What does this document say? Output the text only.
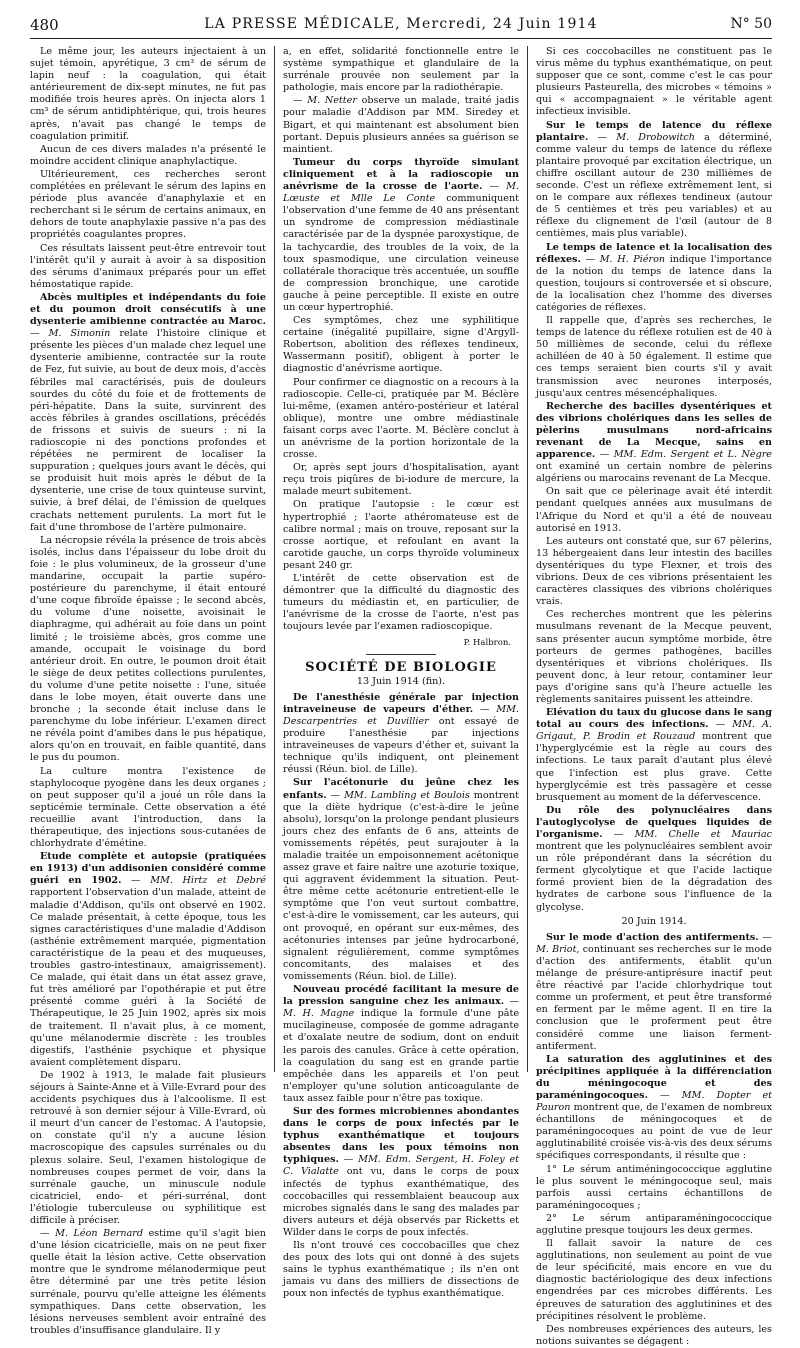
480	LA PRESSE MÉDICALE, Mercredi, 24 Juin 1914	N° 50

Le même jour, les auteurs injectaient à un sujet témoin, apyrétique, 3 cm³ de sérum de lapin neuf : la coagulation, qui était antérieurement de dix-sept minutes, ne fut pas modifiée trois heures après. On injecta alors 1 cm³ de sérum antidiphtérique, qui, trois heures après, n'avait pas changé le temps de coagulation primitif.

Aucun de ces divers malades n'a présenté le moindre accident clinique anaphylactique.

Ultérieurement, ces recherches seront complétées en prélevant le sérum des lapins en période plus avancée d'anaphylaxie et en recherchant si le sérum de certains animaux, en dehors de toute anaphylaxie passive n'a pas des propriétés coagulantes propres.

Ces résultats laissent peut-être entrevoir tout l'intérêt qu'il y aurait à avoir à sa disposition des sérums d'animaux préparés pour un effet hémostatique rapide.

Abcès multiples et indépendants du foie et du poumon droit consécutifs à une dysenterie amibienne contractée au Maroc. — M. Simonin relate l'histoire clinique et présente les pièces d'un malade chez lequel une dysenterie amibienne, contractée sur la route de Fez, fut suivie, au bout de deux mois, d'accès fébriles mal caractérisés, puis de douleurs sourdes du côté du foie et de frottements de péri-hépatite. Dans la suite, survinrent des accès fébriles à grandes oscillations, précédés de frissons et suivis de sueurs : ni la radioscopie ni des ponctions profondes et répétées ne permirent de localiser la suppuration ; quelques jours avant le décès, qui se produisit huit mois après le début de la dysenterie, une crise de toux quinteuse survint, suivie, à bref délai, de l'émission de quelques crachats nettement purulents. La mort fut le fait d'une thrombose de l'artère pulmonaire.

La nécropsie révéla la présence de trois abcès isolés, inclus dans l'épaisseur du lobe droit du foie : le plus volumineux, de la grosseur d'une mandarine, occupait la partie supéro-postérieure du parenchyme, il était entouré d'une coque fibroïde épaisse ; le second abcès, du volume d'une noisette, avoisinait le diaphragme, qui adhérait au foie dans un point limité ; le troisième abcès, gros comme une amande, occupait le voisinage du bord antérieur droit. En outre, le poumon droit était le siège de deux petites collections purulentes, du volume d'une petite noisette : l'une, située dans le lobe moyen, était ouverte dans une bronche ; la seconde était incluse dans le parenchyme du lobe inférieur. L'examen direct ne révéla point d'amibes dans le pus hépatique, alors qu'on en trouvait, en faible quantité, dans le pus du poumon.

La culture montra l'existence de staphylocoque pyogène dans les deux organes ; on peut supposer qu'il a joué un rôle dans la septicémie terminale. Cette observation a été recueillie avant l'introduction, dans la thérapeutique, des injections sous-cutanées de chlorhydrate d'émétine.

Etude complète et autopsie (pratiquées en 1913) d'un addisonien considéré comme guéri en 1902. — MM. Hirtz et Debré rapportent l'observation d'un malade, atteint de maladie d'Addison, qu'ils ont observé en 1902. Ce malade présentait, à cette époque, tous les signes caractéristiques d'une maladie d'Addison (asthénie extrêmement marquée, pigmentation caractéristique de la peau et des muqueuses, troubles gastro-intestinaux, amaigrissement). Ce malade, qui était dans un état assez grave, fut très amélioré par l'opothérapie et put être présenté comme guéri à la Société de Thérapeutique, le 25 Juin 1902, après six mois de traitement. Il n'avait plus, à ce moment, qu'une mélanodermie discrète : les troubles digestifs, l'asthénie psychique et physique avaient complètement disparu.

De 1902 à 1913, le malade fait plusieurs séjours à Sainte-Anne et à Ville-Evrard pour des accidents psychiques dus à l'alcoolisme. Il est retrouvé à son dernier séjour à Ville-Evrard, où il meurt d'un cancer de l'estomac. A l'autopsie, on constate qu'il n'y a aucune lésion macroscopique des capsules surrénales ou du plexus solaire. Seul, l'examen histologique de nombreuses coupes permet de voir, dans la surrénale gauche, un minuscule nodule cicatriciel, endo- et péri-surrénal, dont l'étiologie tuberculeuse ou syphilitique est difficile à préciser.

— M. Léon Bernard estime qu'il s'agit bien d'une lésion cicatricielle, mais on ne peut fixer quelle était la lésion active. Cette observation montre que le syndrome mélanodermique peut être déterminé par une très petite lésion surrénale, pourvu qu'elle atteigne les éléments sympathiques. Dans cette observation, les lésions nerveuses semblent avoir entraîné des troubles d'insuffisance glandulaire. Il y

a, en effet, solidarité fonctionnelle entre le système sympathique et glandulaire de la surrénale prouvée non seulement par la pathologie, mais encore par la radiothérapie.

— M. Netter observe un malade, traité jadis pour maladie d'Addison par MM. Siredey et Bigart, et qui maintenant est absolument bien portant. Depuis plusieurs années sa guérison se maintient.

Tumeur du corps thyroïde simulant cliniquement et à la radioscopie un anévrisme de la crosse de l'aorte. — M. Lœuste et Mlle Le Conte communiquent l'observation d'une femme de 40 ans présentant un syndrome de compression médiastinale caractérisée par de la dyspnée paroxystique, de la tachycardie, des troubles de la voix, de la toux spasmodique, une circulation veineuse collatérale thoracique très accentuée, un souffle de compression bronchique, une carotide gauche à peine perceptible. Il existe en outre un cœur hypertrophié.

Ces symptômes, chez une syphilitique certaine (inégalité pupillaire, signe d'Argyll-Robertson, abolition des réflexes tendineux, Wassermann positif), obligent à porter le diagnostic d'anévrisme aortique.

Pour confirmer ce diagnostic on a recours à la radioscopie. Celle-ci, pratiquée par M. Béclère lui-même, (examen antéro-postérieur et latéral oblique), montre une ombre médiastinale faisant corps avec l'aorte. M. Béclère conclut à un anévrisme de la portion horizontale de la crosse.

Or, après sept jours d'hospitalisation, ayant reçu trois piqûres de bi-iodure de mercure, la malade meurt subitement.

On pratique l'autopsie : le cœur est hypertrophié ; l'aorte athéromateuse est de calibre normal ; mais on trouve, reposant sur la crosse aortique, et refoulant en avant la carotide gauche, un corps thyroïde volumineux pesant 240 gr.

L'intérêt de cette observation est de démontrer que la difficulté du diagnostic des tumeurs du médiastin et, en particulier, de l'anévrisme de la crosse de l'aorte, n'est pas toujours levée par l'examen radioscopique.

P. Halbron.

SOCIÉTÉ DE BIOLOGIE

13 Juin 1914 (fin).

De l'anesthésie générale par injection intraveineuse de vapeurs d'éther. — MM. Descarpentries et Duvillier ont essayé de produire l'anesthésie par injections intraveineuses de vapeurs d'éther et, suivant la technique qu'ils indiquent, ont pleinement réussi (Réun. biol. de Lille).

Sur l'acétonurie du jeûne chez les enfants. — MM. Lambling et Boulois montrent que la diète hydrique (c'est-à-dire le jeûne absolu), lorsqu'on la prolonge pendant plusieurs jours chez des enfants de 6 ans, atteints de vomissements répétés, peut surajouter à la maladie traitée un empoisonnement acétonique assez grave et faire naître une azoturie toxique, qui aggravent évidemment la situation. Peut-être même cette acétonurie entretient-elle le symptôme que l'on veut surtout combattre, c'est-à-dire le vomissement, car les auteurs, qui ont provoqué, en opérant sur eux-mêmes, des acétonuries intenses par jeûne hydrocarboné, signalent régulièrement, comme symptômes concomitants, des malaises et des vomissements (Réun. biol. de Lille).

Nouveau procédé facilitant la mesure de la pression sanguine chez les animaux. — M. H. Magne indique la formule d'une pâte mucilagineuse, composée de gomme adragante et d'oxalate neutre de sodium, dont on enduit les parois des canules. Grâce à cette opération, la coagulation du sang est en grande partie empêchée dans les appareils et l'on peut n'employer qu'une solution anticoagulante de taux assez faible pour n'être pas toxique.

Sur des formes microbiennes abondantes dans le corps de poux infectés par le typhus exanthématique et toujours absentes dans les poux témoins non typhiques. — MM. Edm. Sergent, H. Foley et C. Vialatte ont vu, dans le corps de poux infectés de typhus exanthématique, des coccobacilles qui ressemblaient beaucoup aux microbes signalés dans le sang des malades par divers auteurs et déjà observés par Ricketts et Wilder dans le corps de poux infectés.

Ils n'ont trouvé ces coccobacilles que chez des poux des lots qui ont donné à des sujets sains le typhus exanthématique ; ils n'en ont jamais vu dans des milliers de dissections de poux non infectés de typhus exanthématique.

Si ces coccobacilles ne constituent pas le virus même du typhus exanthématique, on peut supposer que ce sont, comme c'est le cas pour plusieurs Pasteurella, des microbes « témoins » qui « accompagnaient » le véritable agent infectieux invisible.

Sur le temps de latence du réflexe plantaire. — M. Drobowitch a déterminé, comme valeur du temps de latence du réflexe plantaire provoqué par excitation électrique, un chiffre oscillant autour de 230 millièmes de seconde. C'est un réflexe extrêmement lent, si on le compare aux réflexes tendineux (autour de 5 centièmes et très peu variables) et au réflexe du clignement de l'œil (autour de 8 centièmes, mais plus variable).

Le temps de latence et la localisation des réflexes. — M. H. Piéron indique l'importance de la notion du temps de latence dans la question, toujours si controversée et si obscure, de la localisation chez l'homme des diverses catégories de réflexes.

Il rappelle que, d'après ses recherches, le temps de latence du réflexe rotulien est de 40 à 50 millièmes de seconde, celui du réflexe achilléen de 40 à 50 également. Il estime que ces temps seraient bien courts s'il y avait transmission avec neurones interposés, jusqu'aux centres mésencéphaliques.

Recherche des bacilles dysentériques et des vibrions cholériques dans les selles de pèlerins musulmans nord-africains revenant de La Mecque, sains en apparence. — MM. Edm. Sergent et L. Nègre ont examiné un certain nombre de pèlerins algériens ou marocains revenant de La Mecque.

On sait que ce pèlerinage avait été interdit pendant quelques années aux musulmans de l'Afrique du Nord et qu'il a été de nouveau autorisé en 1913.

Les auteurs ont constaté que, sur 67 pèlerins, 13 hébergeaient dans leur intestin des bacilles dysentériques du type Flexner, et trois des vibrions. Deux de ces vibrions présentaient les caractères classiques des vibrions cholériques vrais.

Ces recherches montrent que les pèlerins musulmans revenant de la Mecque peuvent, sans présenter aucun symptôme morbide, être porteurs de germes pathogènes, bacilles dysentériques et vibrions cholériques. Ils peuvent donc, à leur retour, contaminer leur pays d'origine sans qu'à l'heure actuelle les règlements sanitaires puissent les atteindre.

Elévation du taux du glucose dans le sang total au cours des infections. — MM. A. Grigaut, P. Brodin et Rouzaud montrent que l'hyperglycémie est la règle au cours des infections. Le taux paraît d'autant plus élevé que l'infection est plus grave. Cette hyperglycémie est très passagère et cesse brusquement au moment de la défervescence.

Du rôle des polynucléaires dans l'autoglycolyse de quelques liquides de l'organisme. — MM. Chelle et Mauriac montrent que les polynucléaires semblent avoir un rôle prépondérant dans la sécrétion du ferment glycolytique et que l'acide lactique formé provient bien de la dégradation des hydrates de carbone sous l'influence de la glycolyse.

20 Juin 1914.

Sur le mode d'action des antiferments. — M. Briot, continuant ses recherches sur le mode d'action des antiferments, établit qu'un mélange de présure-antiprésure inactif peut être réactivé par l'acide chlorhydrique tout comme un proferment, et peut être transformé en ferment par le même agent. Il en tire la conclusion que le proferment peut être considéré comme une liaison ferment-antiferment.

La saturation des agglutinines et des précipitines appliquée à la différenciation du méningocoque et des paraméningocoques. — MM. Dopter et Pauron montrent que, de l'examen de nombreux échantillons de méningocoques et de paraméningocoques au point de vue de leur agglutinabilité croisée vis-à-vis des deux sérums spécifiques correspondants, il résulte que :

1° Le sérum antiméningococcique agglutine le plus souvent le méningocoque seul, mais parfois aussi certains échantillons de paraméningocoques ;

2° Le sérum antiparaméningococcique agglutine presque toujours les deux germes.

Il fallait savoir la nature de ces agglutinations, non seulement au point de vue de leur spécificité, mais encore en vue du diagnostic bactériologique des deux infections engendrées par ces microbes différents. Les épreuves de saturation des agglutinines et des précipitines résolvent le problème.

Des nombreuses expériences des auteurs, les notions suivantes se dégagent :
